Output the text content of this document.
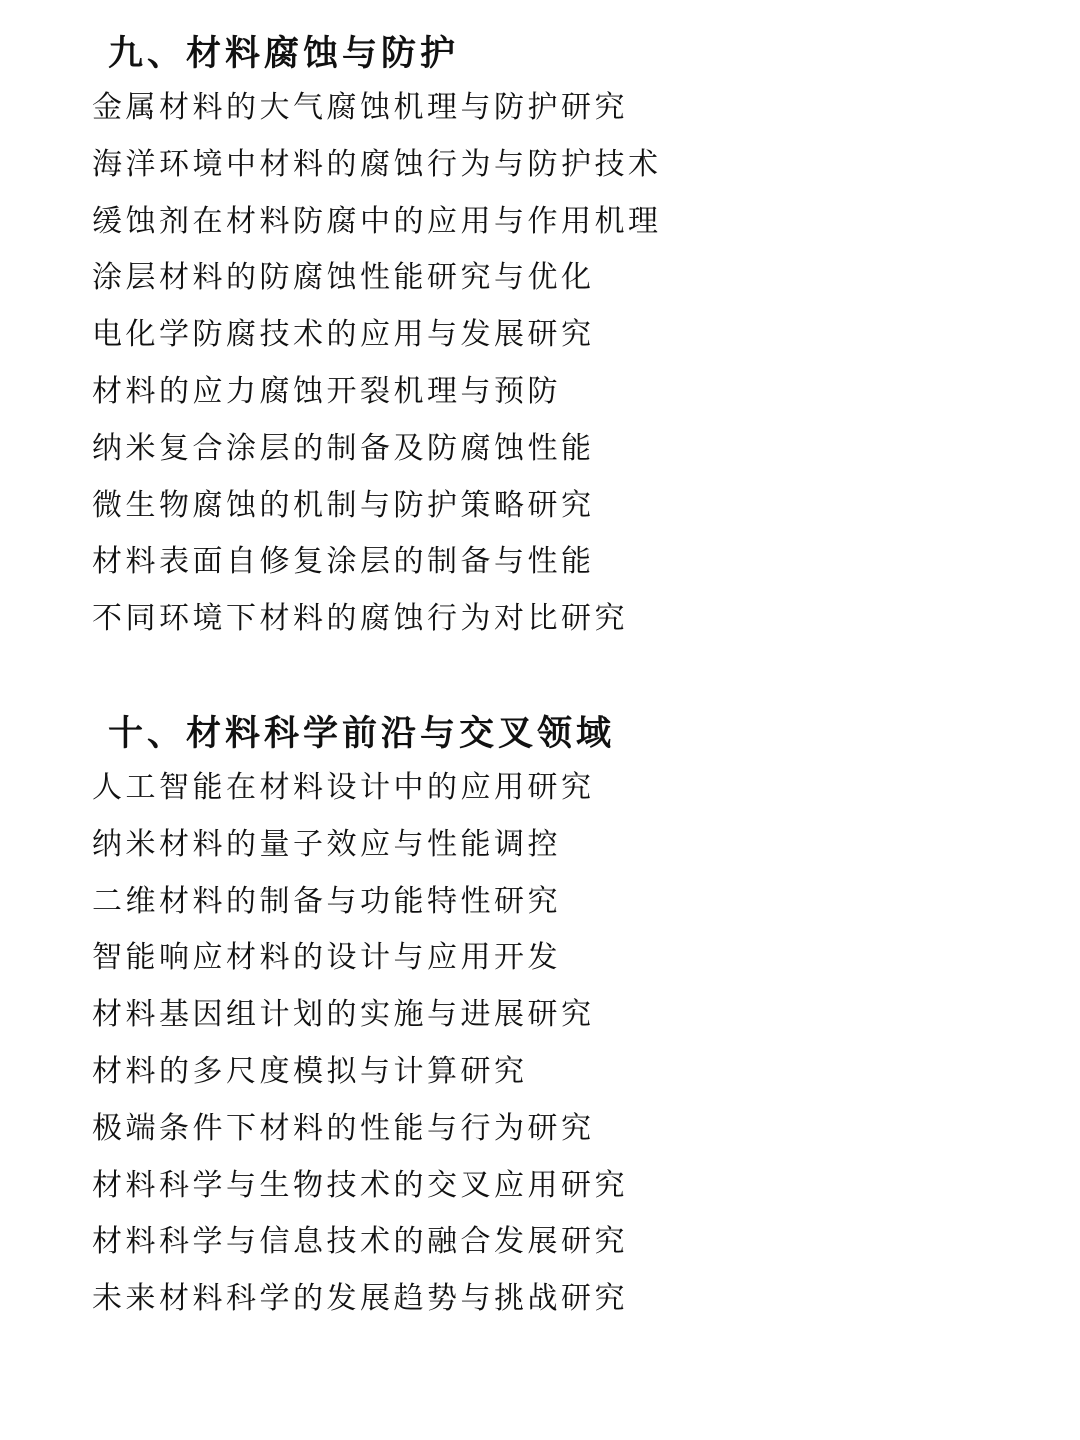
九、材料腐蚀与防护
金属材料的大气腐蚀机理与防护研究
海洋环境中材料的腐蚀行为与防护技术
缓蚀剂在材料防腐中的应用与作用机理
涂层材料的防腐蚀性能研究与优化
电化学防腐技术的应用与发展研究
材料的应力腐蚀开裂机理与预防
纳米复合涂层的制备及防腐蚀性能
微生物腐蚀的机制与防护策略研究
材料表面自修复涂层的制备与性能
不同环境下材料的腐蚀行为对比研究
十、材料科学前沿与交叉领域
人工智能在材料设计中的应用研究
纳米材料的量子效应与性能调控
二维材料的制备与功能特性研究
智能响应材料的设计与应用开发
材料基因组计划的实施与进展研究
材料的多尺度模拟与计算研究
极端条件下材料的性能与行为研究
材料科学与生物技术的交叉应用研究
材料科学与信息技术的融合发展研究
未来材料科学的发展趋势与挑战研究
